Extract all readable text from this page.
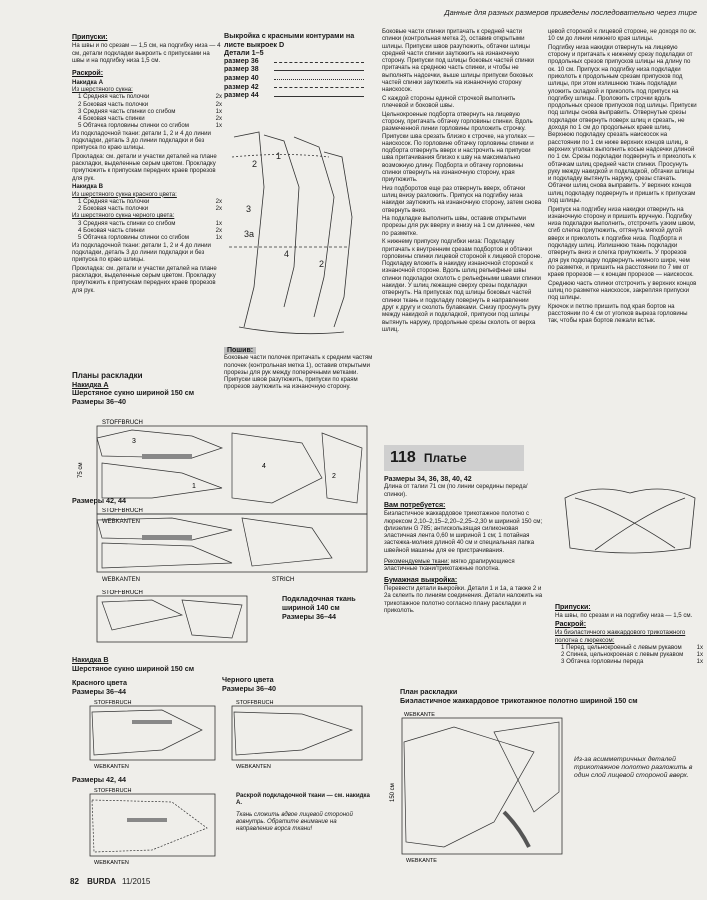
Данные для разных размеров приведены последовательно через тире
Припуски:

На швы и по срезам — 1,5 см, на подгибку низа — 4 см, детали подкладки выкроить с припусками на швы и на подгибку низа 1,5 см.

Раскрой:
Накидка А
Из шерстяного сукна:
1 Средняя часть полочки	2x
2 Боковая часть полочки	2x
3 Средняя часть спинки со сгибом	1x
4 Боковая часть спинки	2x
5 Обтачка горловины спинки со сгибом	1x

Из подкладочной ткани: детали 1, 2 и 4 до линии подкладки, деталь 3 до линии подкладки и без припуска по краю шлицы.

Прокладка: см. детали и участки деталей на плане раскладки, выделенные серым цветом. Прокладку приутюжить к припускам передних краев прорезов для рук.

Накидка В
Из шерстяного сукна красного цвета:
1 Средняя часть полочки	2x
2 Боковая часть полочки	2x
Из шерстяного сукна черного цвета:
3 Средняя часть спинки со сгибом	1x
4 Боковая часть спинки	2x
5 Обтачка горловины спинки со сгибом	1x

Из подкладочной ткани: детали 1, 2 и 4 до линии подкладки, деталь 3 до линии подкладки и без припуска по краю шлицы.

Прокладка: см. детали и участки деталей на плане раскладки, выделенные серым цветом. Прокладку приутюжить к припускам передних краев прорезов для рук.

Выкройка с красными контурами на листе выкроек D
Детали 1–5
размер 36
размер 38
размер 40
размер 42
размер 44
2
1
3
3a
4
2
Пошив:

Боковые части полочек притачать к средним частям полочек (контрольная метка 1), оставив открытыми прорезы для рук между поперечными метками. Припуски швов разутюжить, припуски по краям прорезов заутюжить на изнаночную сторону.

Планы раскладки
Накидка А
Шерстяное сукно шириной 150 см
Размеры 36–40
STOFFBRUCH
WEBKANTEN
75 см
3
1
4
2
Размеры 42, 44
STOFFBRUCH
WEBKANTEN	STRICH
STOFFBRUCH
Подкладочная ткань шириной 140 см
Размеры 36–44
Накидка В
Шерстяное сукно шириной 150 см
Красного цвета
Размеры 36–44
Черного цвета
Размеры 36–40
STOFFBRUCH
WEBKANTEN
STOFFBRUCH
WEBKANTEN
Размеры 42, 44
STOFFBRUCH
WEBKANTEN
Раскрой подкладочной ткани — см. накидка А.
Ткань сложить вдвое лицевой стороной вовнутрь. Обратите внимание на направление ворса ткани!

Боковые части спинки притачать к средней части спинки (контрольная метка 2), оставив открытыми шлицы. Припуски швов разутюжить, обтачки шлицы средней части спинки заутюжить на изнаночную сторону. Припуски под шлицы боковых частей спинки притачать на среднюю часть спинки, и чтобы не выполнять надсечки, выше шлицы припуски боковых частей спинки заутюжить на изнаночную сторону наискосок.

С каждой стороны единой строчкой выполнить плечевой и боковой швы.

Цельнокроеные подборта отвернуть на лицевую сторону, притачать обтачку горловины спинки. Вдоль размеченной линии горловины проложить строчку. Припуски шва срезать близко к строчке, на уголках — наискосок. По горловине обтачку горловины спинки и подборта отвернуть вверх и настрочить на припуски шва притачивания близко к шву на максимально возможную длину. Подборта и обтачку горловины спинки отвернуть на изнаночную сторону, края приутюжить.

Низ подборотов еще раз отвернуть вверх, обтачки шлиц внизу разложить. Припуск на подгибку низа накидки заутюжить на изнаночную сторону, затем снова отвернуть вниз.

На подкладке выполнить швы, оставив открытыми прорезы для рук вверху и внизу на 1 см длиннее, чем по разметке.

К нижнему припуску подгибки низа: Подкладку притачать к внутренним срезам подбортов и обтачки горловины спинки лицевой стороной к лицевой стороне. Подкладку вложить в накидку изнаночной стороной к изнаночной стороне. Вдоль шлиц рельефные швы спинки подкладки сколоть с рельефными швами спинки накидки. У шлиц лежащие сверху срезы подкладки отвернуть. На припусках под шлицы боковых частей спинки ткань и подкладку повернуть в направлении друг к другу и сколоть булавками. Снизу просунуть руку между накидкой и подкладкой, припуски под шлицы вытянуть наружу, продольные срезы сколоть от верха шлиц.

цевой стороной к лицевой стороне, не доходя по ок. 10 см до линии нижнего края шлицы.

Подгибку низа накидки отвернуть на лицевую сторону и притачать к нижнему срезу подкладки от продольных срезов припусков шлицы на длину по ок. 10 см. Припуск на подгибку низа подкладки приколоть к продольным срезам припусков под шлицы, при этом излишнюю ткань подкладки уложить складкой и приколоть под припуск на подгибку шлицы. Проложить строчки вдоль продольных срезов припусков под шлицы. Припуски под шлицы снова выправить. Отвернутые срезы подкладки отвернуть поверх шлиц и срезать, не доходя по 1 см до продольных краев шлиц. Верхнюю подкладку срезать наискосок на расстоянии по 1 см ниже верхних концов шлиц, в верхних уголках выполнить косые надсечки длиной по 1 см. Срезы подкладки подвернуть и приколоть к обтачкам шлиц средней части спинки. Просунуть руку между накидкой и подкладкой, обтачки шлицы и подкладку вытянуть наружу, срезы стачать. Обтачки шлиц снова выправить. У верхних концов шлиц подкладку подвернуть и пришить к припускам под шлицы.

Припуск на подгибку низа накидки отвернуть на изнаночную сторону и пришить вручную. Подгибку низа подкладки выполнить, отстрочить узким швом, сгиб слегка приутюжить, оттянуть мягкой дугой вверх и приколоть к подгибке низа. Подборта и подкладку шлиц. Излишнюю ткань подкладки отвернуть вниз и слегка приутюжить. У прорезов для рук подкладку подвернуть немного шире, чем по разметке, и пришить на расстоянии по 7 мм от краев прорезов — к концам прорезов — наискосок.

Среднюю часть спинки отстрочить у верхних концов шлиц по разметке наискосок, закрепляя припуски под шлицы.

Крючок и петлю пришить под края бортов на расстоянии по 4 см от уголков выреза горловины так, чтобы края бортов лежали встык.

118 Платье
Размеры 34, 36, 38, 40, 42

Длина от талии 71 см (по линии середины переда/спинки).

Вам потребуется:

Биэластичное жаккардовое трикотажное полотно с люрексом 2,10–2,15–2,20–2,25–2,30 м шириной 150 см; флизелин G 785; антискользящая силиконовая эластичная лента 0,60 м шириной 1 см; 1 потайная застежка-молния длиной 40 см и специальная лапка швейной машины для ее пристрачивания.

Рекомендуемые ткани: мягко драпирующиеся эластичные ткани/трикотажные полотна.

Бумажная выкройка:

Перевести детали выкройки. Детали 1 и 1а, а также 2 и 2а склеить по линиям соединения. Детали наложить на трикотажное полотно согласно плану раскладки и приколоть.	Припуски:

На швы, по срезам и на подгибку низа — 1,5 см.

Раскрой:
Из биэластичного жаккардового трикотажного полотна с люрексом:
1 Перед, цельнокроеный с левым рукавом 1x
2 Спинка, цельнокроеная с левым рукавом 1x
3 Обтачка горловины переда	1x
План раскладки
Биэластичное жаккардовое трикотажное полотно шириной 150 см
WEBKANTE
WEBKANTE
150 см
Из-за асимметричных деталей трикотажное полотно разложить в один слой лицевой стороной вверх.
82 BURDA 11/2015
